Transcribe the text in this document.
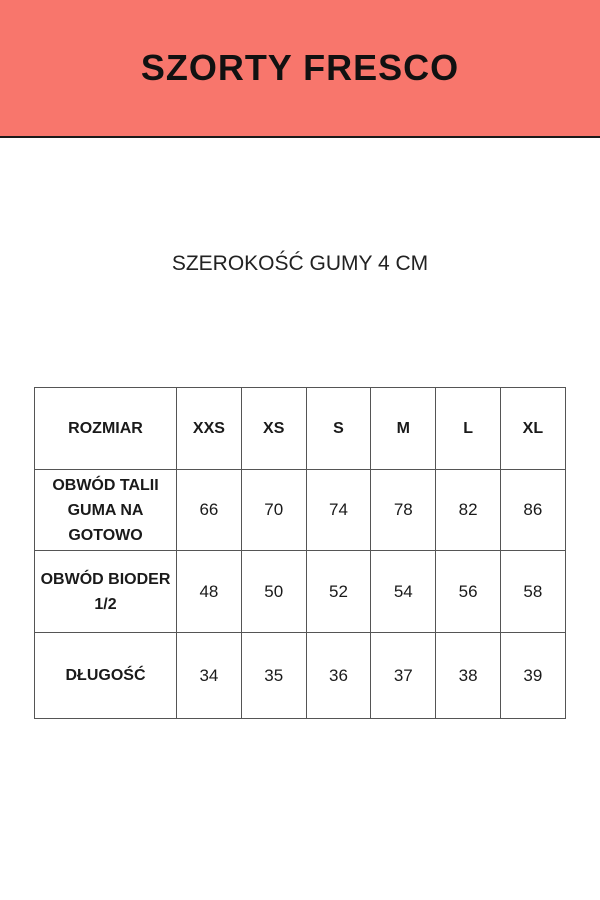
SZORTY FRESCO
SZEROKOŚĆ GUMY 4 CM
ROZMIAR	XXS	XS	S	M	L	XL
OBWÓD TALII GUMA NA GOTOWO	66	70	74	78	82	86
OBWÓD BIODER 1/2	48	50	52	54	56	58
DŁUGOŚĆ	34	35	36	37	38	39
